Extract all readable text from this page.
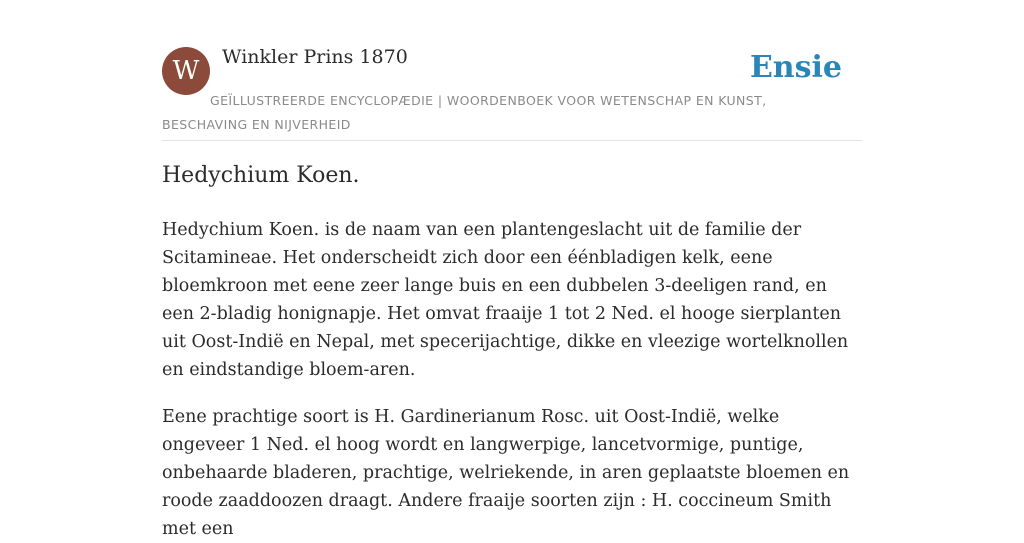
W	Winkler Prins 1870
GEÏLLUSTREERDE ENCYCLOPÆDIE | WOORDENBOEK VOOR WETENSCHAP EN KUNST, BESCHAVING EN NIJVERHEID
Ensie
Hedychium Koen.

Hedychium Koen. is de naam van een plantengeslacht uit de familie der Scitamineae. Het onderscheidt zich door een éénbladigen kelk, eene bloemkroon met eene zeer lange buis en een dubbelen 3-deeligen rand, en een 2-bladig honignapje. Het omvat fraaije 1 tot 2 Ned. el hooge sierplanten uit Oost-Indië en Nepal, met specerijachtige, dikke en vleezige wortelknollen en eindstandige bloem-aren.

Eene prachtige soort is H. Gardinerianum Rosc. uit Oost-Indië, welke ongeveer 1 Ned. el hoog wordt en langwerpige, lancetvormige, puntige, onbehaarde bladeren, prachtige, welriekende, in aren geplaatste bloemen en roode zaaddoozen draagt. Andere fraaije soorten zijn : H. coccineum Smith met een
